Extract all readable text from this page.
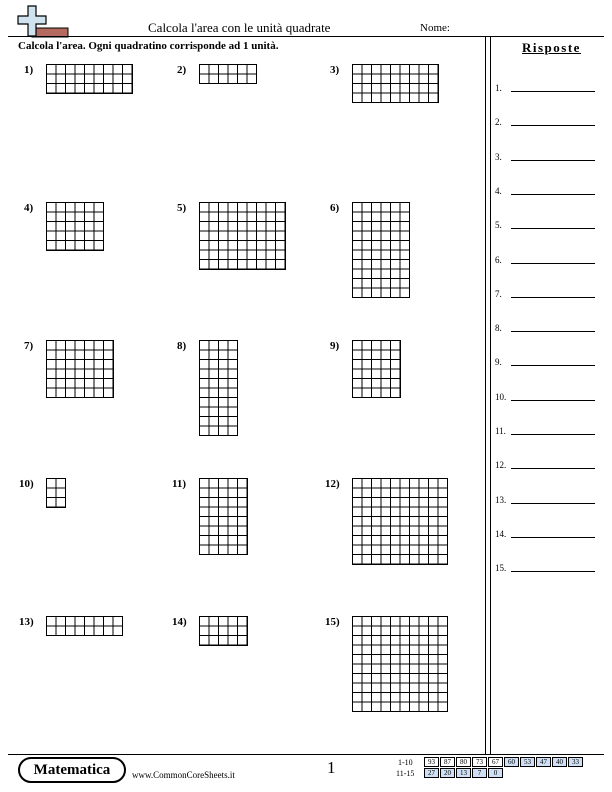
Calcola l'area con le unità quadrate	Nome:
Calcola l'area. Ogni quadratino corrisponde ad 1 unità.	Risposte
1.
2.
3.
4.
5.
6.
7.
8.
9.
10.
11.
12.
13.
14.
15.
1)	2)	3)
4)	5)	6)
7)	8)	9)
10)	11)	12)
13)	14)	15)
Matematica	www.CommonCoreSheets.it	1	1-10
11-15
93	87	80	73	67	60	53	47	40	33
27	20	13	7	0
